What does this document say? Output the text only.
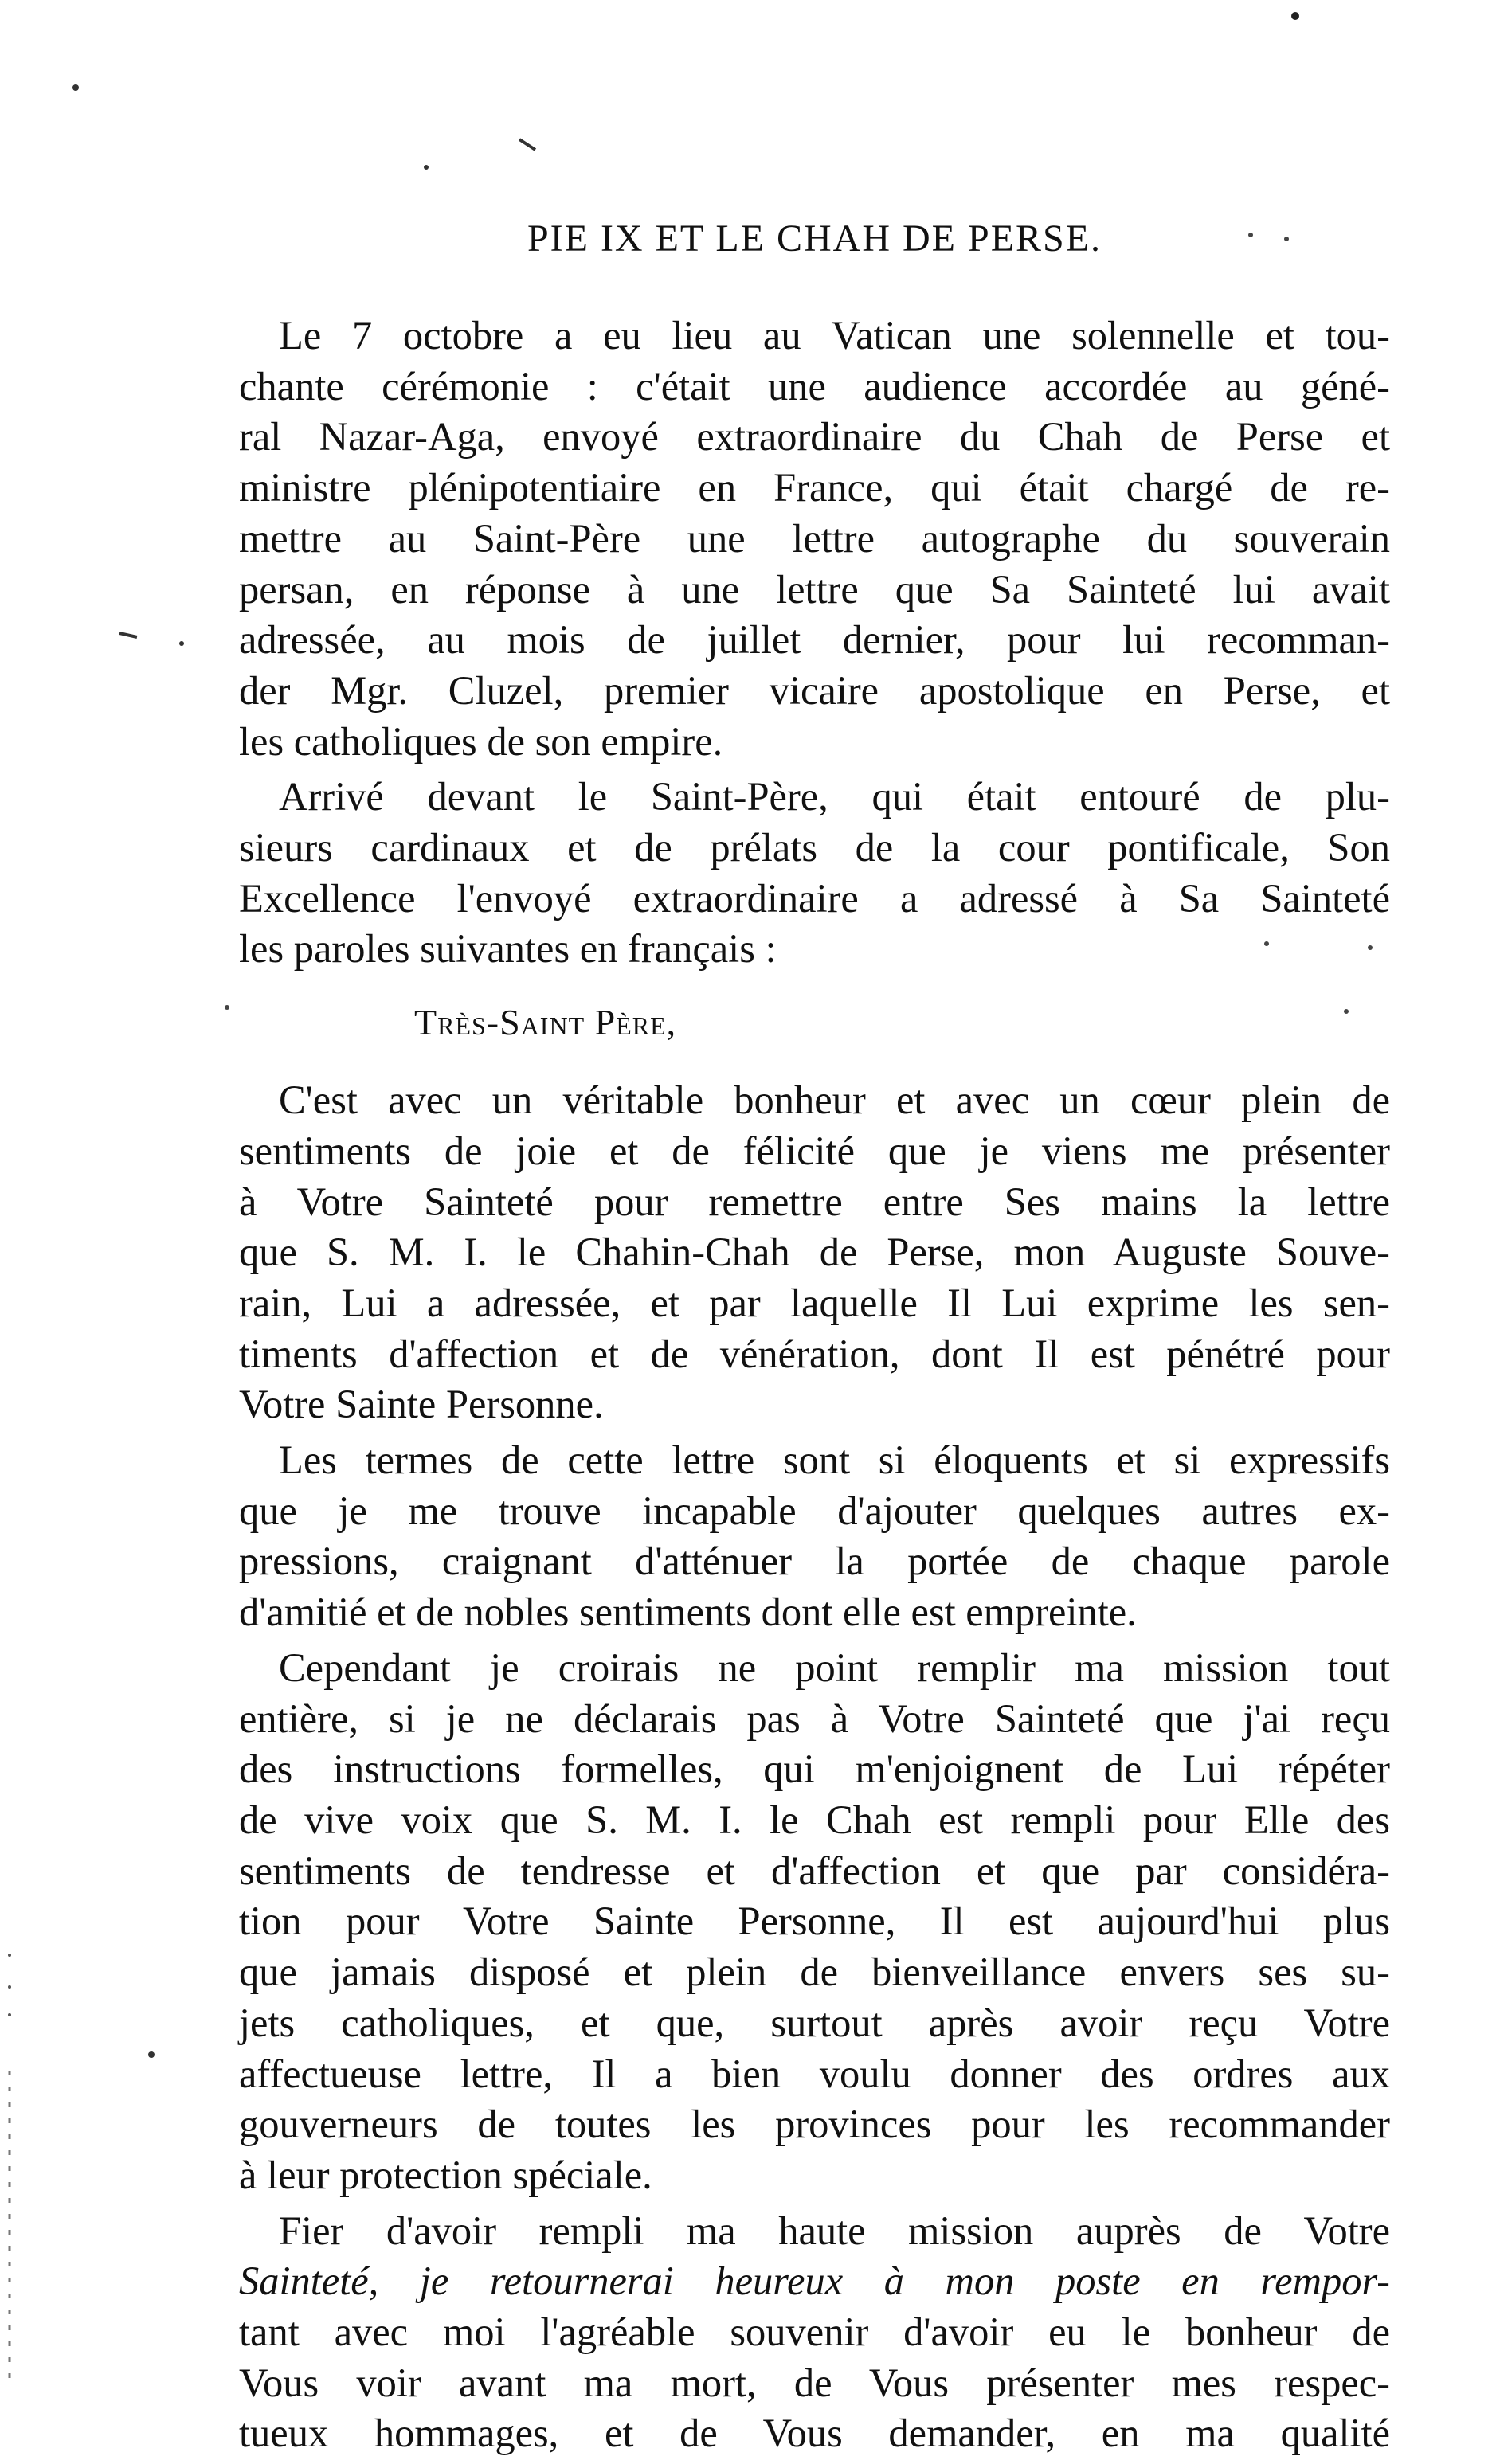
PIE IX ET LE CHAH DE PERSE.
Le 7 octobre a eu lieu au Vatican une solennelle et tou-
chante cérémonie : c'était une audience accordée au géné-
ral Nazar-Aga, envoyé extraordinaire du Chah de Perse et
ministre plénipotentiaire en France, qui était chargé de re-
mettre au Saint-Père une lettre autographe du souverain
persan, en réponse à une lettre que Sa Sainteté lui avait
adressée, au mois de juillet dernier, pour lui recomman-
der Mgr. Cluzel, premier vicaire apostolique en Perse, et
les catholiques de son empire.
Arrivé devant le Saint-Père, qui était entouré de plu-
sieurs cardinaux et de prélats de la cour pontificale, Son
Excellence l'envoyé extraordinaire a adressé à Sa Sainteté
les paroles suivantes en français :
Très-Saint Père,
C'est avec un véritable bonheur et avec un cœur plein de
sentiments de joie et de félicité que je viens me présenter
à Votre Sainteté pour remettre entre Ses mains la lettre
que S. M. I. le Chahin-Chah de Perse, mon Auguste Souve-
rain, Lui a adressée, et par laquelle Il Lui exprime les sen-
timents d'affection et de vénération, dont Il est pénétré pour
Votre Sainte Personne.
Les termes de cette lettre sont si éloquents et si expressifs
que je me trouve incapable d'ajouter quelques autres ex-
pressions, craignant d'atténuer la portée de chaque parole
d'amitié et de nobles sentiments dont elle est empreinte.
Cependant je croirais ne point remplir ma mission tout
entière, si je ne déclarais pas à Votre Sainteté que j'ai reçu
des instructions formelles, qui m'enjoignent de Lui répéter
de vive voix que S. M. I. le Chah est rempli pour Elle des
sentiments de tendresse et d'affection et que par considéra-
tion pour Votre Sainte Personne, Il est aujourd'hui plus
que jamais disposé et plein de bienveillance envers ses su-
jets catholiques, et que, surtout après avoir reçu Votre
affectueuse lettre, Il a bien voulu donner des ordres aux
gouverneurs de toutes les provinces pour les recommander
à leur protection spéciale.
Fier d'avoir rempli ma haute mission auprès de Votre
Sainteté, je retournerai heureux à mon poste en rempor-
tant avec moi l'agréable souvenir d'avoir eu le bonheur de
Vous voir avant ma mort, de Vous présenter mes respec-
tueux hommages, et de Vous demander, en ma qualité
